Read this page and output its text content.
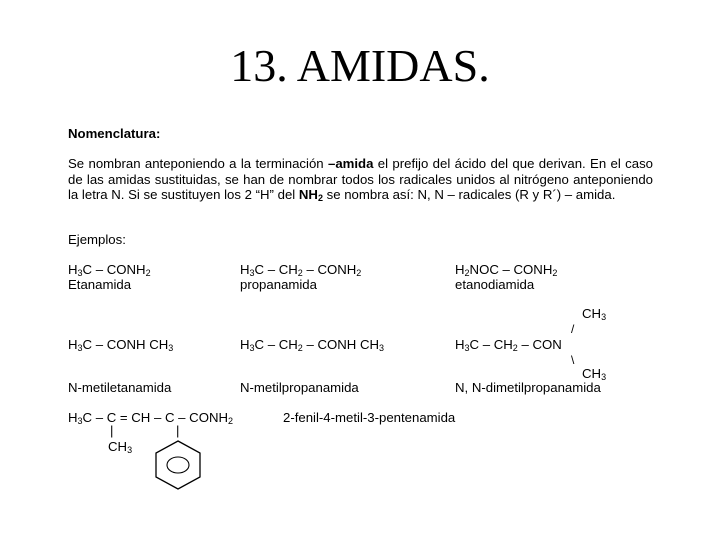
13. AMIDAS.
Nomenclatura:
Se nombran anteponiendo a la terminación –amida el prefijo del ácido del que derivan. En el caso de las amidas sustituidas, se han de nombrar todos los radicales unidos al nitrógeno anteponiendo la letra N. Si se sustituyen los 2 “H” del $NH_2$ se nombra así: N, N – radicales (R y R´) – amida.
Ejemplos:
$H_3C$ – $CONH_2$
Etanamida
$H_3C - CH_2$ – $CONH_2$
propanamida
$H_2NOC$ – $CONH_2$
etanodiamida
$H_3C$ – CONH $CH_3$
N-metiletanamida
$H_3C - CH_2$ – CONH $CH_3$
N-metilpropanamida
$CH_3$
/
$H_3C - CH_2$ – CON
\
$CH_3$
N, N-dimetilpropanamida
$H_3C$ – C = CH – C – $CONH_2$	2-fenil-4-metil-3-pentenamida
|
$CH_3$
|
